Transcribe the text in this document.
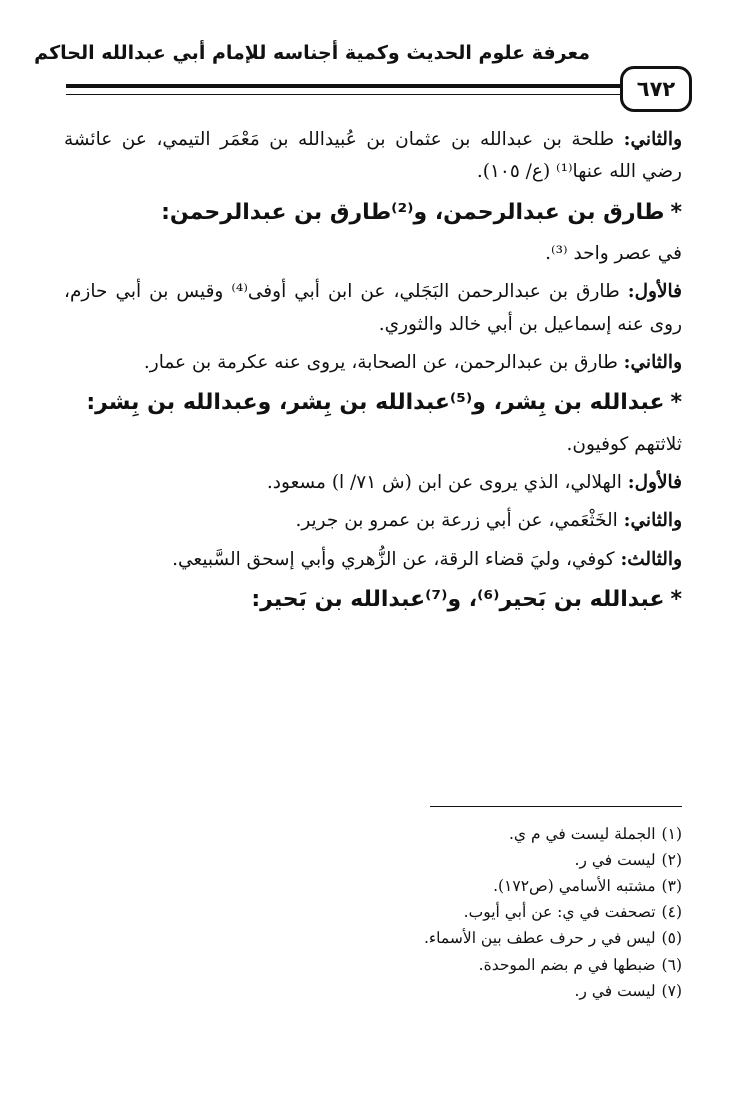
معرفة علوم الحديث وكمية أجناسه للإمام أبي عبدالله الحاكم
٦٧٢

والثاني: طلحة بن عبدالله بن عثمان بن عُبيدالله بن مَعْمَر التيمي، عن عائشة رضي الله عنها⁽¹⁾ (ع/ ١٠٥).

*طارق بن عبدالرحمن، و⁽²⁾طارق بن عبدالرحمن:

في عصر واحد ⁽³⁾.

فالأول: طارق بن عبدالرحمن البَجَلي، عن ابن أبي أوفى⁽⁴⁾ وقيس بن أبي حازم، روى عنه إسماعيل بن أبي خالد والثوري.

والثاني: طارق بن عبدالرحمن، عن الصحابة، يروى عنه عكرمة بن عمار.

*عبدالله بن بِشر، و⁽⁵⁾عبدالله بن بِشر، وعبدالله بن بِشر:

ثلاثتهم كوفيون.

فالأول: الهلالي، الذي يروى عن ابن (ش ٧١/ ا) مسعود.

والثاني: الخَثْعَمي، عن أبي زرعة بن عمرو بن جرير.

والثالث: كوفي، وليَ قضاء الرقة، عن الزُّهري وأبي إسحق السَّبيعي.

*عبدالله بن بَحير⁽⁶⁾، و⁽⁷⁾عبدالله بن بَحير:
(١)الجملة ليست في م ي.
(٢)ليست في ر.
(٣)مشتبه الأسامي (ص١٧٢).
(٤)تصحفت في ي: عن أبي أيوب.
(٥)ليس في ر حرف عطف بين الأسماء.
(٦)ضبطها في م بضم الموحدة.
(٧)ليست في ر.
